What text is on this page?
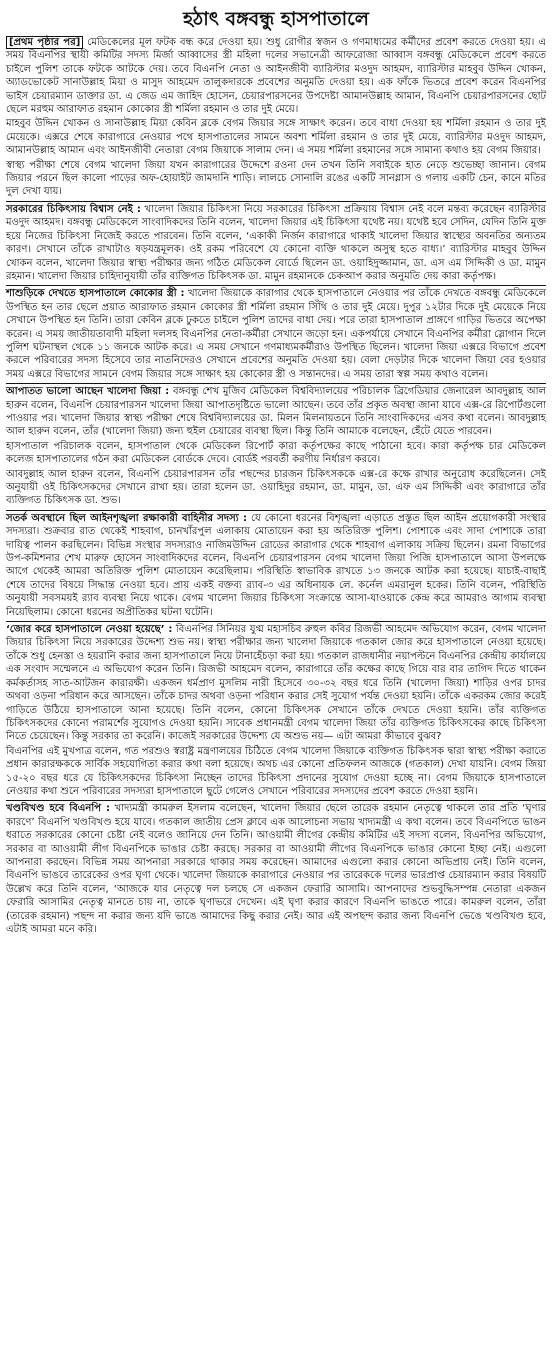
হঠাৎ বঙ্গবন্ধু হাসপাতালে

[প্রথম পৃষ্ঠার পর] মেডিকেলের মূল ফটক বন্ধ করে দেওয়া হয়। শুধু রোগীর স্বজন ও গণমাধ্যমের কর্মীদের প্রবেশ করতে দেওয়া হয়। এ সময় বিএনপির স্থায়ী কমিটির সদস্য মির্জা আব্বাসের স্ত্রী মহিলা দলের সভানেত্রী আফরোজা আব্বাস বঙ্গবন্ধু মেডিকেলে প্রবেশ করতে চাইলে পুলিশ তাকে ফটকে আটকে দেয়। তবে বিএনপি নেতা ও আইনজীবী ব্যারিস্টার মওদুদ আহমদ, ব্যারিস্টার মাহবুব উদ্দিন খোকন, অ্যাডভোকেট সানাউল্লাহ মিয়া ও মাসুদ আহমেদ তালুকদারকে প্রবেশের অনুমতি দেওয়া হয়। এক ফাঁকে ভিতরে প্রবেশ করেন বিএনপির ভাইস চেয়ারম্যান ডাক্তার ডা. এ জেড এম জাহিদ হোসেন, চেয়ারপারসনের উপদেষ্টা আমানউল্লাহ আমান, বিএনপি চেয়ারপারসনের ছোট ছেলে মরহুম আরাফাত রহমান কোকোর স্ত্রী শর্মিলা রহমান ও তার দুই মেয়ে।

মাহবুব উদ্দিন খোকন ও সানাউল্লাহ মিয়া কেবিন ব্লকে বেগম জিয়ার সঙ্গে সাক্ষাৎ করেন। তবে বাধা দেওয়া হয় শর্মিলা রহমান ও তার দুই মেয়েকে। এক্সরে শেষে কারাগারে নেওয়ার পথে হাসপাতালের সামনে অবশ্য শর্মিলা রহমান ও তার দুই মেয়ে, ব্যারিস্টার মওদুদ আহমদ, আমানউল্লাহ আমান এবং আইনজীবী নেতারা বেগম জিয়াকে সালাম দেন। এ সময় শর্মিলা রহমানের সঙ্গে সামান্য কথাও হয় বেগম জিয়ার।

স্বাস্থ্য পরীক্ষা শেষে বেগম খালেদা জিয়া যখন কারাগারের উদ্দেশে রওনা দেন তখন তিনি সবাইকে হাত নেড়ে শুভেচ্ছা জানান। বেগম জিয়ার পরনে ছিল কালো পাড়ের অফ-হোয়াইট জামদানি শাড়ি। লালচে সোনালি রঙের একটি সানগ্লাস ও গলায় একটি চেন, কানে মতির দুল দেখা যায়।

সরকারের চিকিৎসায় বিশ্বাস নেই : খালেদা জিয়ার চিকিৎসা নিয়ে সরকারের চিকিৎসা প্রক্রিয়ায় বিশ্বাস নেই বলে মন্তব্য করেছেন ব্যারিস্টার মওদুদ আহমদ। বঙ্গবন্ধু মেডিকেলে সাংবাদিকদের তিনি বলেন, খালেদা জিয়ার এই চিকিৎসা যথেষ্ট নয়। যথেষ্ট হবে সেদিন, যেদিন তিনি মুক্ত হয়ে নিজের চিকিৎসা নিজেই করতে পারবেন। তিনি বলেন, ‘একাকী নির্জন কারাগারে থাকাই খালেদা জিয়ার স্বাস্থ্যের অবনতির অন্যতম কারণ। সেখানে তাঁকে রাখাটাও ষড়যন্ত্রমূলক। ওই রকম পরিবেশে যে কোনো ব্যক্তি থাকলে অসুস্থ হতে বাধ্য।’ ব্যারিস্টার মাহবুব উদ্দিন খোকন বলেন, খালেদা জিয়ার স্বাস্থ্য পরীক্ষার জন্য গঠিত মেডিকেল বোর্ডে ছিলেন ডা. ওয়াহিদুজ্জামান, ডা. এস এম সিদ্দিকী ও ডা. মামুন রহমান। খালেদা জিয়ার চাহিদানুযায়ী তাঁর ব্যক্তিগত চিকিৎসক ডা. মামুন রহমানকে চেকআপ করার অনুমতি দেয় কারা কর্তৃপক্ষ।

শাশুড়িকে দেখতে হাসপাতালে কোকোর স্ত্রী : খালেদা জিয়াকে কারাগার থেকে হাসপাতালে নেওয়ার পর তাঁকে দেখতে বঙ্গবন্ধু মেডিকেলে উপস্থিত হন তার ছেলে প্রয়াত আরাফাত রহমান কোকোর স্ত্রী শর্মিলা রহমান সিঁথি ও তার দুই মেয়ে। দুপুর ১২টার দিকে দুই মেয়েকে নিয়ে সেখানে উপস্থিত হন তিনি। তারা কেবিন ব্লকে ঢুকতে চাইলে পুলিশ তাদের বাধা দেয়। পরে তারা হাসপাতাল প্রাঙ্গণে গাড়ির ভিতরে অপেক্ষা করেন। এ সময় জাতীয়তাবাদী মহিলা দলসহ বিএনপির নেতা-কর্মীরা সেখানে জড়ো হন। একপর্যায়ে সেখানে বিএনপির কর্মীরা স্লোগান দিলে পুলিশ ঘটনাস্থল থেকে ১১ জনকে আটক করে। এ সময় সেখানে গণমাধ্যমকর্মীরাও উপস্থিত ছিলেন। খালেদা জিয়া এক্সরে বিভাগে প্রবেশ করলে পরিবারের সদস্য হিসেবে তার নাতনিদেরও সেখানে প্রবেশের অনুমতি দেওয়া হয়। বেলা দেড়টার দিকে খালেদা জিয়া বের হওয়ার সময় এক্সরে বিভাগের সামনে বেগম জিয়ার সঙ্গে সাক্ষাৎ হয় কোকোর স্ত্রী ও সন্তানদের। এ সময় তারা স্বল্প সময় কথাও বলেন।

আপাতত ভালো আছেন খালেদা জিয়া : বঙ্গবন্ধু শেখ মুজিব মেডিকেল বিশ্ববিদ্যালয়ের পরিচালক ব্রিগেডিয়ার জেনারেল আবদুল্লাহ আল হারুন বলেন, বিএনপি চেয়ারপারসন খালেদা জিয়া আপাতদৃষ্টিতে ভালো আছেন। তবে তাঁর প্রকৃত অবস্থা জানা যাবে এক্স-রে রিপোর্টগুলো পাওয়ার পর। খালেদা জিয়ার স্বাস্থ্য পরীক্ষা শেষে বিশ্ববিদ্যালয়ের ডা. মিলন মিলনায়তনে তিনি সাংবাদিকদের এসব কথা বলেন। আবদুল্লাহ আল হারুন বলেন, তাঁর (খালেদা জিয়া) জন্য হুইল চেয়ারের ব্যবস্থা ছিল। কিন্তু তিনি আমাকে বলেছেন, হেঁটে যেতে পারবেন।

হাসপাতাল পরিচালক বলেন, হাসপাতাল থেকে মেডিকেল রিপোর্ট কারা কর্তৃপক্ষের কাছে পাঠানো হবে। কারা কর্তৃপক্ষ চার মেডিকেল কলেজ হাসপাতালের গঠন করা মেডিকেল বোর্ডকে দেবে। বোর্ডই পরবর্তী করণীয় নির্ধারণ করবে।

আবদুল্লাহ আল হারুন বলেন, বিএনপি চেয়ারপারসন তাঁর পছন্দের চারজন চিকিৎসককে এক্স-রে কক্ষে রাখার অনুরোধ করেছিলেন। সেই অনুযায়ী ওই চিকিৎসকদের সেখানে রাখা হয়। তারা হলেন ডা. ওয়াহিদুর রহমান, ডা. মামুন, ডা. এফ এম সিদ্দিকী এবং কারাগারে তাঁর ব্যক্তিগত চিকিৎসক ডা. শুভ।

সতর্ক অবস্থানে ছিল আইনশৃঙ্খলা রক্ষাকারী বাহিনীর সদস্য : যে কোনো ধরনের বিশৃঙ্খলা এড়াতে প্রস্তুত ছিল আইন প্রয়োগকারী সংস্থার সদস্যরা। শুক্রবার রাত থেকেই শাহবাগ, চানখাঁরপুল এলাকায় মোতায়েন করা হয় অতিরিক্ত পুলিশ। পোশাকে এবং সাদা পোশাকে তারা দায়িত্ব পালন করছিলেন। বিভিন্ন সংস্থার সদস্যরাও নাজিমউদ্দিন রোডের কারাগার থেকে শাহবাগ এলাকায় সক্রিয় ছিলেন। রমনা বিভাগের উপ-কমিশনার শেখ মারুফ হোসেন সাংবাদিকদের বলেন, বিএনপি চেয়ারপারসন বেগম খালেদা জিয়া পিজি হাসপাতালে আসা উপলক্ষে আগে থেকেই আমরা অতিরিক্ত পুলিশ মোতায়েন করেছিলাম। পরিস্থিতি স্বাভাবিক রাখতে ১৩ জনকে আটক করা হয়েছে। যাচাই-বাছাই শেষে তাদের বিষয়ে সিদ্ধান্ত নেওয়া হবে। প্রায় একই বক্তব্য র‌্যাব-৩ এর অধিনায়ক লে. কর্নেল এমরানুল হকের। তিনি বলেন, পরিস্থিতি অনুযায়ী সবসময়ই র‌্যাব ব্যবস্থা নিয়ে থাকে। বেগম খালেদা জিয়ার চিকিৎসা সংক্রান্তে আসা-যাওয়াকে কেন্দ্র করে আমরাও আগাম ব্যবস্থা নিয়েছিলাম। কোনো ধরনের অপ্রীতিকর ঘটনা ঘটেনি।

‘জোর করে হাসপাতালে নেওয়া হয়েছে’ : বিএনপির সিনিয়র যুগ্ম মহাসচিব রুহুল কবির রিজভী আহমেদ অভিযোগ করেন, বেগম খালেদা জিয়ার চিকিৎসা নিয়ে সরকারের উদ্দেশ্য শুভ নয়। স্বাস্থ্য পরীক্ষার জন্য খালেদা জিয়াকে গতকাল জোর করে হাসপাতালে নেওয়া হয়েছে। তাঁকে শুধু হেনস্তা ও হয়রানি করার জন্য হাসপাতালে নিয়ে টানাহেঁচড়া করা হয়। গতকাল রাজধানীর নয়াপল্টনে বিএনপির কেন্দ্রীয় কার্যালয়ে এক সংবাদ সম্মেলনে এ অভিযোগ করেন তিনি। রিজভী আহমেদ বলেন, কারাগারে তাঁর কক্ষের কাছে গিয়ে বার বার তাগিদ দিতে থাকেন কর্মকর্তাসহ সাত-আটজন কারারক্ষী। একজন ধর্মপ্রাণ মুসলিম নারী হিসেবে ৩০-৩২ বছর ধরে তিনি (খালেদা জিয়া) শাড়ির ওপর চাদর অথবা ওড়না পরিধান করে আসছেন। তাঁকে চাদর অথবা ওড়না পরিধান করার সেই সুযোগ পর্যন্ত দেওয়া হয়নি। তাঁকে একরকম জোর করেই গাড়িতে উঠিয়ে হাসপাতালে আনা হয়েছে। তিনি বলেন, কোনো চিকিৎসক সেখানে তাঁকে দেখতে দেওয়া হয়নি। তাঁর ব্যক্তিগত চিকিৎসকদের কোনো পরামর্শের সুযোগও দেওয়া হয়নি। সাবেক প্রধানমন্ত্রী বেগম খালেদা জিয়া তাঁর ব্যক্তিগত চিকিৎসকের কাছে চিকিৎসা নিতে চেয়েছেন। কিন্তু সরকার তা করেনি। কাজেই সরকারের উদ্দেশ্য যে অশুভ নয়— এটা আমরা কীভাবে বুঝব?

বিএনপির এই মুখপাত্র বলেন, গত পরশুও স্বরাষ্ট্র মন্ত্রণালয়ের চিঠিতে বেগম খালেদা জিয়াকে ব্যক্তিগত চিকিৎসক দ্বারা স্বাস্থ্য পরীক্ষা করাতে প্রধান কারারক্ষককে সার্বিক সহযোগিতা করার কথা বলা হয়েছে। অথচ এর কোনো প্রতিফলন আজকে (গতকাল) দেখা যায়নি। বেগম জিয়া ১৫-২০ বছর ধরে যে চিকিৎসকদের চিকিৎসা নিচ্ছেন তাদের চিকিৎসা প্রদানের সুযোগ দেওয়া হচ্ছে না। বেগম জিয়াকে হাসপাতালে নেওয়ার কথা শুনে পরিবারের সদস্যরা হাসপাতালে ছুটে গেলেও সেখানে পরিবারের সদস্যদের প্রবেশ করতে দেওয়া হয়নি।

খণ্ডবিখণ্ড হবে বিএনপি : খাদ্যমন্ত্রী কামরুল ইসলাম বলেছেন, খালেদা জিয়ার ছেলে তারেক রহমান নেতৃত্বে থাকলে তার প্রতি ‘ঘৃণার কারণে’ বিএনপি খণ্ডবিখণ্ড হয়ে যাবে। গতকাল জাতীয় প্রেস ক্লাবে এক আলোচনা সভায় খাদ্যমন্ত্রী এ কথা বলেন। তবে বিএনপিতে ভাঙন ধরাতে সরকারের কোনো চেষ্টা নেই বলেও জানিয়ে দেন তিনি। আওয়ামী লীগের কেন্দ্রীয় কমিটির এই সদস্য বলেন, বিএনপির অভিযোগ, সরকার বা আওয়ামী লীগ বিএনপিকে ভাঙার চেষ্টা করছে। সরকার বা আওয়ামী লীগের বিএনপিকে ভাঙার কোনো ইচ্ছা নেই। এগুলো আপনারা করছেন। বিভিন্ন সময় আপনারা সরকারে থাকার সময় করেছেন। আমাদের এগুলো করার কোনো অভিপ্রায় নেই। তিনি বলেন, বিএনপি ভাঙবে তারেকের ওপর ঘৃণা থেকে। খালেদা জিয়াকে কারাগারে নেওয়ার পর তারেককে দলের ভারপ্রাপ্ত চেয়ারম্যান করার বিষয়টি উল্লেখ করে তিনি বলেন, ‘আজকে যার নেতৃত্বে দল চলছে সে একজন ফেরারি আসামি। আপনাদের শুভবুদ্ধিসম্পন্ন নেতারা একজন ফেরারি আসামির নেতৃত্ব মানতে চায় না, তাকে ঘৃণাভরে দেখেন। এই ঘৃণা করার কারণে বিএনপি ভাঙতে পারে। কামরুল বলেন, তাঁরা (তারেক রহমান) পছন্দ না করার জন্য যদি ভাঙে আমাদের কিছু করার নেই। আর এই অপছন্দ করার জন্য বিএনপি ভেঙে খণ্ডবিখণ্ড হবে, এটাই আমরা মনে করি।
